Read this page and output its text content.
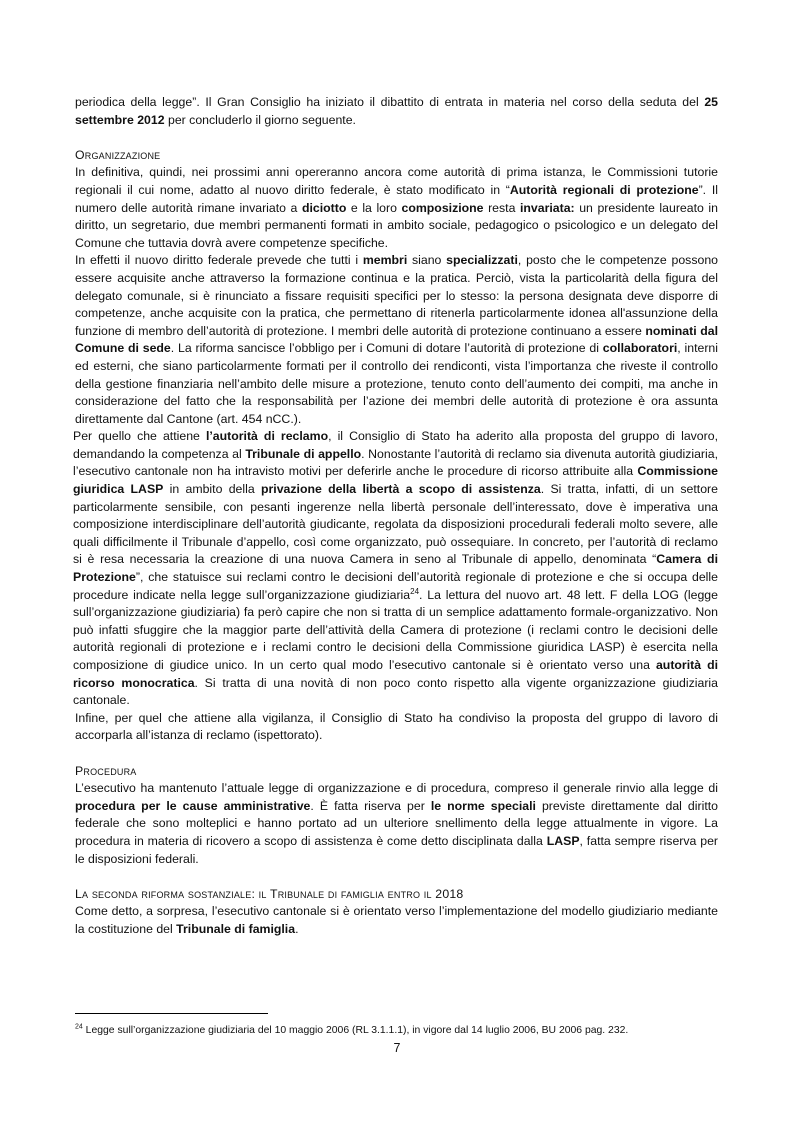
periodica della legge”. Il Gran Consiglio ha iniziato il dibattito di entrata in materia nel corso della seduta del 25 settembre 2012 per concluderlo il giorno seguente.

Organizzazione

In definitiva, quindi, nei prossimi anni opereranno ancora come autorità di prima istanza, le Commissioni tutorie regionali il cui nome, adatto al nuovo diritto federale, è stato modificato in “Autorità regionali di protezione”. Il numero delle autorità rimane invariato a diciotto e la loro composizione resta invariata: un presidente laureato in diritto, un segretario, due membri permanenti formati in ambito sociale, pedagogico o psicologico e un delegato del Comune che tuttavia dovrà avere competenze specifiche.

In effetti il nuovo diritto federale prevede che tutti i membri siano specializzati, posto che le competenze possono essere acquisite anche attraverso la formazione continua e la pratica. Perciò, vista la particolarità della figura del delegato comunale, si è rinunciato a fissare requisiti specifici per lo stesso: la persona designata deve disporre di competenze, anche acquisite con la pratica, che permettano di ritenerla particolarmente idonea all'assunzione della funzione di membro dell’autorità di protezione. I membri delle autorità di protezione continuano a essere nominati dal Comune di sede. La riforma sancisce l’obbligo per i Comuni di dotare l’autorità di protezione di collaboratori, interni ed esterni, che siano particolarmente formati per il controllo dei rendiconti, vista l’importanza che riveste il controllo della gestione finanziaria nell’ambito delle misure a protezione, tenuto conto dell’aumento dei compiti, ma anche in considerazione del fatto che la responsabilità per l’azione dei membri delle autorità di protezione è ora assunta direttamente dal Cantone (art. 454 nCC.).

Per quello che attiene l’autorità di reclamo, il Consiglio di Stato ha aderito alla proposta del gruppo di lavoro, demandando la competenza al Tribunale di appello. Nonostante l’autorità di reclamo sia divenuta autorità giudiziaria, l’esecutivo cantonale non ha intravisto motivi per deferirle anche le procedure di ricorso attribuite alla Commissione giuridica LASP in ambito della privazione della libertà a scopo di assistenza. Si tratta, infatti, di un settore particolarmente sensibile, con pesanti ingerenze nella libertà personale dell’interessato, dove è imperativa una composizione interdisciplinare dell’autorità giudicante, regolata da disposizioni procedurali federali molto severe, alle quali difficilmente il Tribunale d’appello, così come organizzato, può ossequiare. In concreto, per l’autorità di reclamo si è resa necessaria la creazione di una nuova Camera in seno al Tribunale di appello, denominata “Camera di Protezione”, che statuisce sui reclami contro le decisioni dell’autorità regionale di protezione e che si occupa delle procedure indicate nella legge sull’organizzazione giudiziaria$^{24}$. La lettura del nuovo art. 48 lett. F della LOG (legge sull’organizzazione giudiziaria) fa però capire che non si tratta di un semplice adattamento formale-organizzativo. Non può infatti sfuggire che la maggior parte dell’attività della Camera di protezione (i reclami contro le decisioni delle autorità regionali di protezione e i reclami contro le decisioni della Commissione giuridica LASP) è esercita nella composizione di giudice unico. In un certo qual modo l’esecutivo cantonale si è orientato verso una autorità di ricorso monocratica. Si tratta di una novità di non poco conto rispetto alla vigente organizzazione giudiziaria cantonale.

Infine, per quel che attiene alla vigilanza, il Consiglio di Stato ha condiviso la proposta del gruppo di lavoro di accorparla all’istanza di reclamo (ispettorato).

Procedura

L’esecutivo ha mantenuto l’attuale legge di organizzazione e di procedura, compreso il generale rinvio alla legge di procedura per le cause amministrative. È fatta riserva per le norme speciali previste direttamente dal diritto federale che sono molteplici e hanno portato ad un ulteriore snellimento della legge attualmente in vigore. La procedura in materia di ricovero a scopo di assistenza è come detto disciplinata dalla LASP, fatta sempre riserva per le disposizioni federali.

La seconda riforma sostanziale: il Tribunale di famiglia entro il 2018

Come detto, a sorpresa, l’esecutivo cantonale si è orientato verso l’implementazione del modello giudiziario mediante la costituzione del Tribunale di famiglia.

$^{24}$ Legge sull’organizzazione giudiziaria del 10 maggio 2006 (RL 3.1.1.1), in vigore dal 14 luglio 2006, BU 2006 pag. 232.
7
